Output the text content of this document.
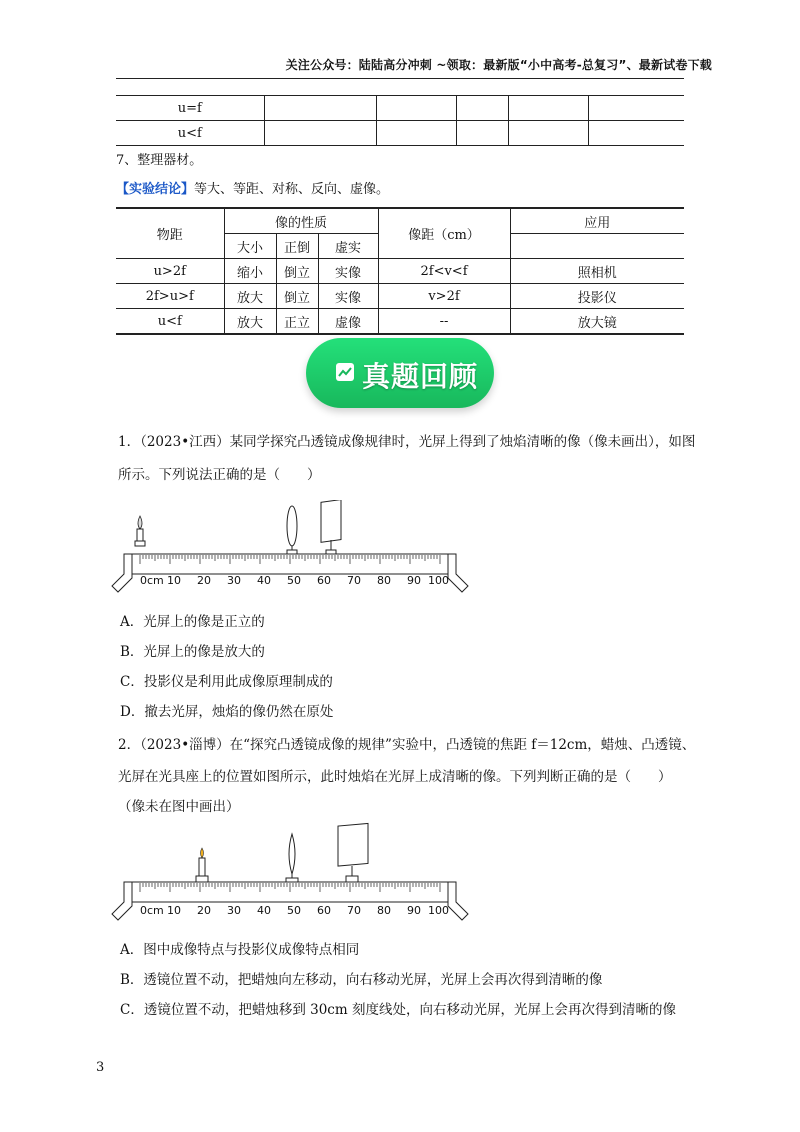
关注公众号：陆陆高分冲刺 ~领取：最新版“小中高考-总复习”、最新试卷下载
u=f					
u<f					
7、整理器材。
【实验结论】等大、等距、对称、反向、虚像。
物距	像的性质			像距（cm）	应用
	大小	正倒	虚实		
u>2f	缩小	倒立	实像	2f<v<f	照相机
2f>u>f	放大	倒立	实像	v>2f	投影仪
u<f	放大	正立	虚像	--	放大镜
真题回顾
1．（2023•江西）某同学探究凸透镜成像规律时，光屏上得到了烛焰清晰的像（像未画出），如图
所示。下列说法正确的是（　　）
0cm 10 20 30 40 50 60 70 80 90 100
A．光屏上的像是正立的
B．光屏上的像是放大的
C．投影仪是利用此成像原理制成的
D．撤去光屏，烛焰的像仍然在原处
2．（2023•淄博）在“探究凸透镜成像的规律”实验中，凸透镜的焦距 f＝12cm，蜡烛、凸透镜、
光屏在光具座上的位置如图所示，此时烛焰在光屏上成清晰的像。下列判断正确的是（　　）
（像未在图中画出）
0cm 10 20 30 40 50 60 70 80 90 100
A．图中成像特点与投影仪成像特点相同
B．透镜位置不动，把蜡烛向左移动，向右移动光屏，光屏上会再次得到清晰的像
C．透镜位置不动，把蜡烛移到 30cm 刻度线处，向右移动光屏，光屏上会再次得到清晰的像
3
